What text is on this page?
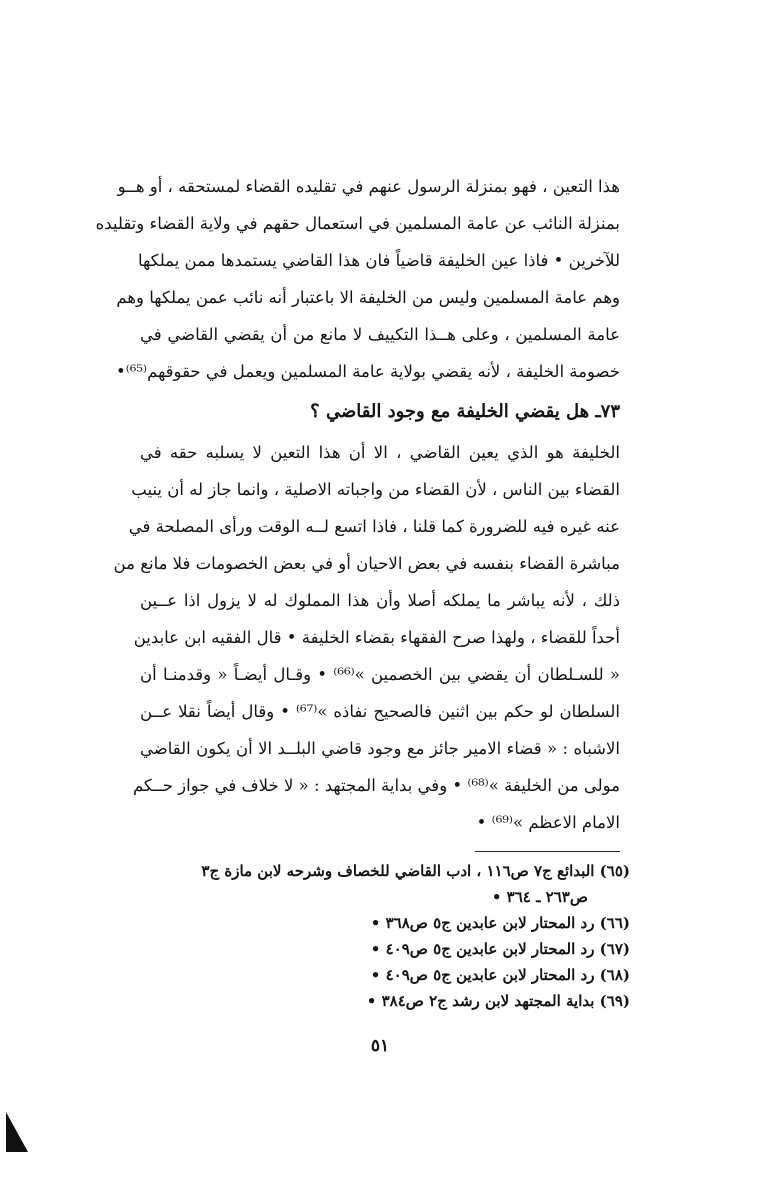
هذا التعين ، فهو بمنزلة الرسول عنهم في تقليده القضاء لمستحقه ، أو هــو
بمنزلة النائب عن عامة المسلمين في استعمال حقهم في ولاية القضاء وتقليده
للآخرين • فاذا عين الخليفة قاضياً فان هذا القاضي يستمدها ممن يملكها
وهم عامة المسلمين وليس من الخليفة الا باعتبار أنه نائب عمن يملكها وهم
عامة المسلمين ، وعلى هــذا التكييف لا مانع من أن يقضي القاضي في
خصومة الخليفة ، لأنه يقضي بولاية عامة المسلمين ويعمل في حقوقهم⁽⁶⁵⁾•
٧٣ـ هل يقضي الخليفة مع وجود القاضي ؟
الخليفة هو الذي يعين القاضي ، الا أن هذا التعين لا يسلبه حقه في
القضاء بين الناس ، لأن القضاء من واجباته الاصلية ، وانما جاز له أن ينيب
عنه غيره فيه للضرورة كما قلنا ، فاذا اتسع لــه الوقت ورأى المصلحة في
مباشرة القضاء بنفسه في بعض الاحيان أو في بعض الخصومات فلا مانع من
ذلك ، لأنه يباشر ما يملكه أصلا وأن هذا المملوك له لا يزول اذا عــين
أحداً للقضاء ، ولهذا صرح الفقهاء بقضاء الخليفة • قال الفقيه ابن عابدين
« للسـلطان أن يقضي بين الخصمين »⁽⁶⁶⁾ • وقـال أيضـاً « وقدمنـا أن
السلطان لو حكم بين اثنين فالصحيح نفاذه »⁽⁶⁷⁾ • وقال أيضاً نقلا عــن
الاشباه : « قضاء الامير جائز مع وجود قاضي البلــد الا أن يكون القاضي
مولى من الخليفة »⁽⁶⁸⁾ • وفي بداية المجتهد : « لا خلاف في جواز حــكم
الامام الاعظم »⁽⁶⁹⁾ •
(٦٥) البدائع ج٧ ص١١٦ ، ادب القاضي للخصاف وشرحه لابن مازة ج٣
ص٢٦٣ ـ ٣٦٤ •
(٦٦) رد المحتار لابن عابدين ج٥ ص٣٦٨ •
(٦٧) رد المحتار لابن عابدين ج٥ ص٤٠٩ •
(٦٨) رد المحتار لابن عابدين ج٥ ص٤٠٩ •
(٦٩) بداية المجتهد لابن رشد ج٢ ص٣٨٤ •
٥١
